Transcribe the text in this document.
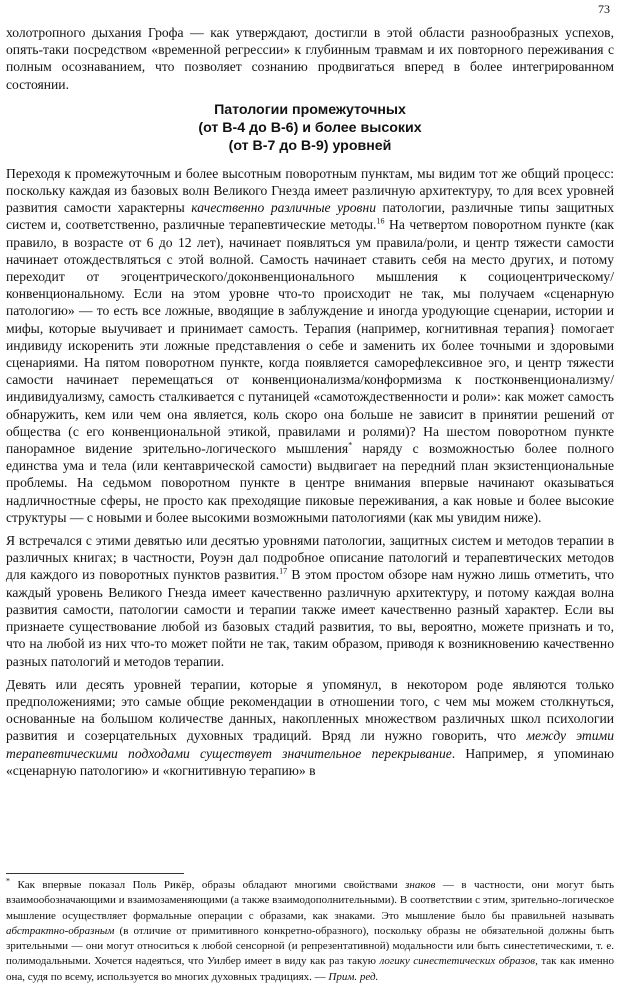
73

холотропного дыхания Грофа — как утверждают, достигли в этой области разнообразных успехов, опять-таки посредством «временной регрессии» к глубинным травмам и их повторного переживания с полным осознаванием, что позволяет сознанию продвигаться вперед в более интегрированном состоянии.

Патологии промежуточных
(от В-4 до В-6) и более высоких
(от В-7 до В-9) уровней

Переходя к промежуточным и более высотным поворотным пунктам, мы видим тот же общий процесс: поскольку каждая из базовых волн Великого Гнезда имеет различную архитектуру, то для всех уровней развития самости характерны качественно различные уровни патологии, различные типы защитных систем и, соответственно, различные терапевтические методы.$^{16}$ На четвертом поворотном пункте (как правило, в возрасте от 6 до 12 лет), начинает появляться ум правила/роли, и центр тяжести самости начинает отождествляться с этой волной. Самость начинает ставить себя на место других, и потому переходит от эгоцентрического/доконвенционального мышления к социоцентрическому/конвенциональному. Если на этом уровне что-то происходит не так, мы получаем «сценарную патологию» — то есть все ложные, вводящие в заблуждение и иногда уродующие сценарии, истории и мифы, которые выучивает и принимает самость. Терапия (например, когнитивная терапия} помогает индивиду искоренить эти ложные представления о себе и заменить их более точными и здоровыми сценариями. На пятом поворотном пункте, когда появляется саморефлексивное эго, и центр тяжести самости начинает перемещаться от конвенционализма/конформизма к постконвенционализму/индивидуализму, самость сталкивается с путаницей «самотождественности и роли»: как может самость обнаружить, кем или чем она является, коль скоро она больше не зависит в принятии решений от общества (с его конвенциональной этикой, правилами и ролями)? На шестом поворотном пункте панорамное видение зрительно-логического мышления* наряду с возможностью более полного единства ума и тела (или кентаврической самости) выдвигает на передний план экзистенциональные проблемы. На седьмом поворотном пункте в центре внимания впервые начинают оказываться надличностные сферы, не просто как преходящие пиковые переживания, а как новые и более высокие структуры — с новыми и более высокими возможными патологиями (как мы увидим ниже).

Я встречался с этими девятью или десятью уровнями патологии, защитных систем и методов терапии в различных книгах; в частности, Роуэн дал подробное описание патологий и терапевтических методов для каждого из поворотных пунктов развития.$^{17}$ В этом простом обзоре нам нужно лишь отметить, что каждый уровень Великого Гнезда имеет качественно различную архитектуру, и потому каждая волна развития самости, патологии самости и терапии также имеет качественно разный характер. Если вы признаете существование любой из базовых стадий развития, то вы, вероятно, можете признать и то, что на любой из них что-то может пойти не так, таким образом, приводя к возникновению качественно разных патологий и методов терапии.

Девять или десять уровней терапии, которые я упомянул, в некотором роде являются только предположениями; это самые общие рекомендации в отношении того, с чем мы можем столкнуться, основанные на большом количестве данных, накопленных множеством различных школ психологии развития и созерцательных духовных традиций. Вряд ли нужно говорить, что между этими терапевтическими подходами существует значительное перекрывание. Например, я упоминаю «сценарную патологию» и «когнитивную терапию» в

* Как впервые показал Поль Рикёр, образы обладают многими свойствами знаков — в частности, они могут быть взаимообозначающими и взаимозаменяющими (а также взаимодополнительными). В соответствии с этим, зрительно-логическое мышление осуществляет формальные операции с образами, как знаками. Это мышление было бы правильней называть абстрактно-образным (в отличие от примитивного конкретно-образного), поскольку образы не обязательной должны быть зрительными — они могут относиться к любой сенсорной (и репрезентативной) модальности или быть синестетическими, т. е. полимодальными. Хочется надеяться, что Уилбер имеет в виду как раз такую логику синестетических образов, так как именно она, судя по всему, используется во многих духовных традициях. — Прим. ред.
